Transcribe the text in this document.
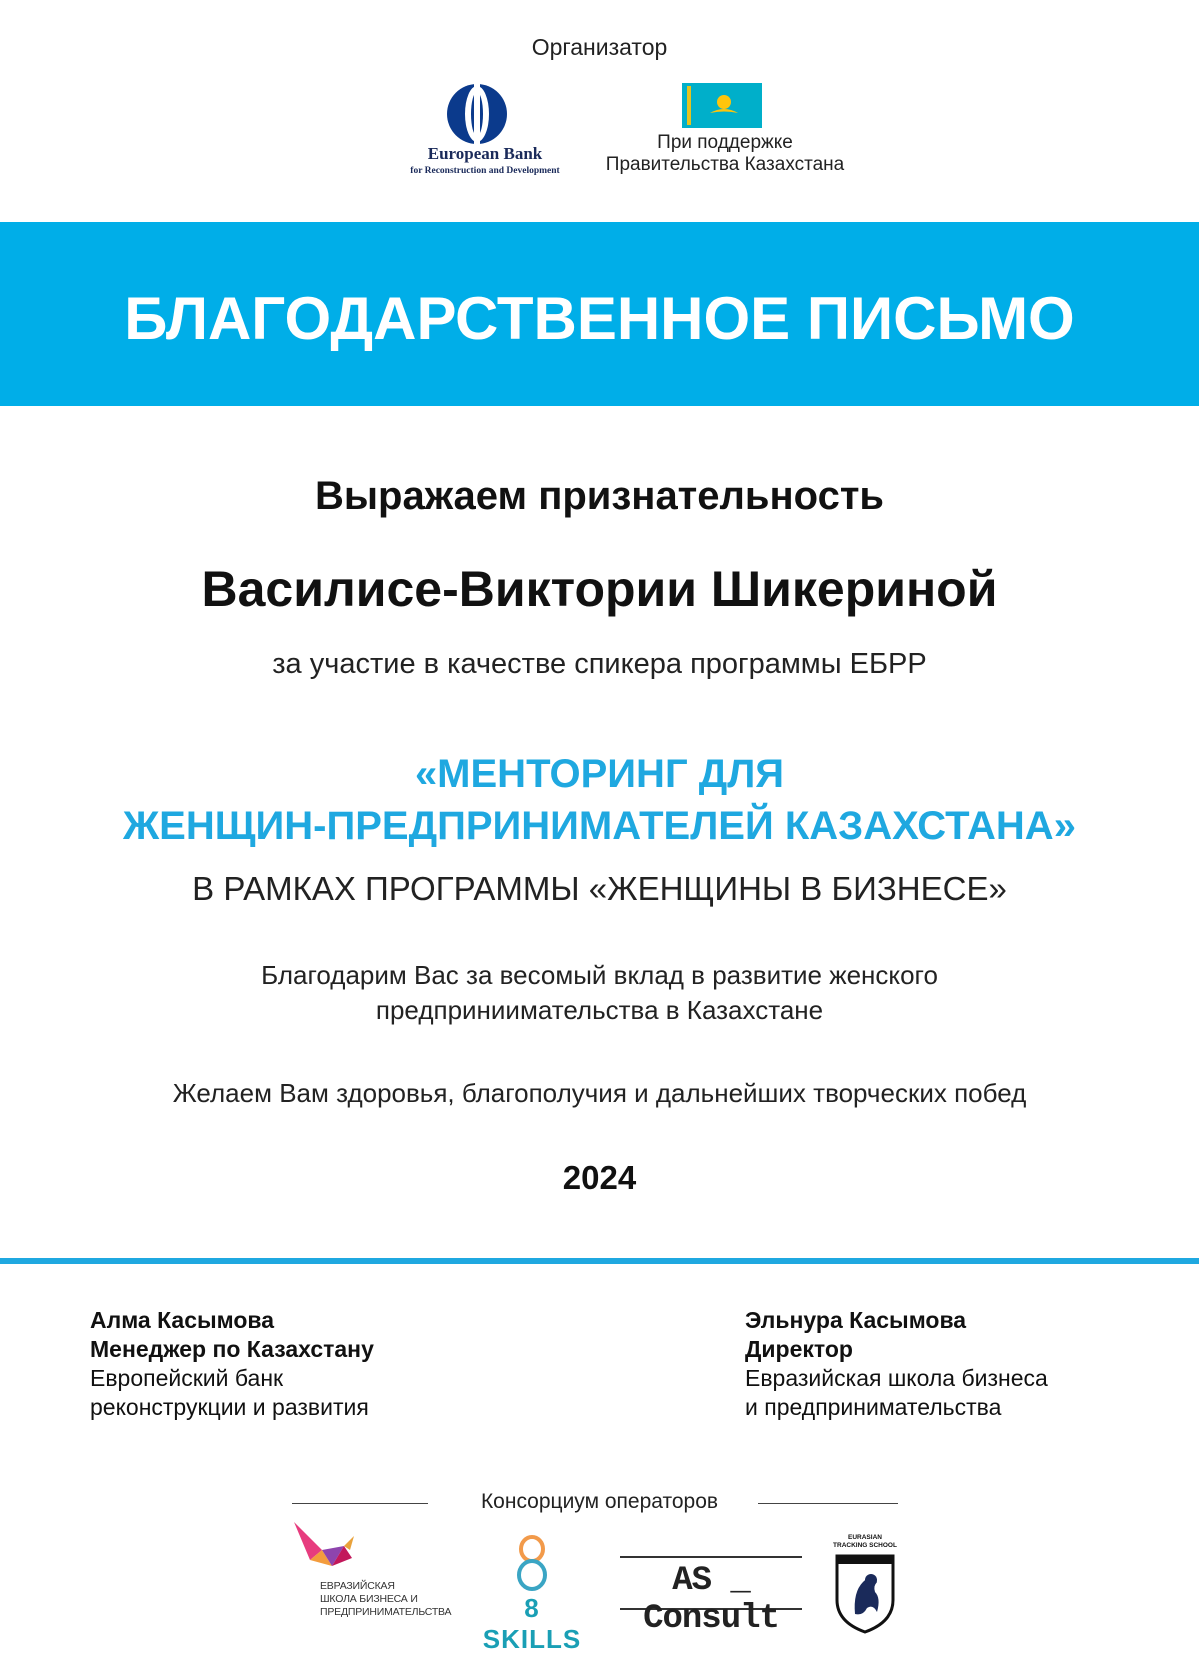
Организатор
European Bank
for Reconstruction and Development
При поддержке
Правительства Казахстана
БЛАГОДАРСТВЕННОЕ ПИСЬМО
Выражаем признательность
Василисе-Виктории Шикериной
за участие в качестве спикера программы ЕБРР
«МЕНТОРИНГ ДЛЯ
ЖЕНЩИН-ПРЕДПРИНИМАТЕЛЕЙ КАЗАХСТАНА»
В РАМКАХ ПРОГРАММЫ «ЖЕНЩИНЫ В БИЗНЕСЕ»
Благодарим Вас за весомый вклад в развитие женского
предприниимательства в Казахстане
Желаем Вам здоровья, благополучия и дальнейших творческих побед
2024
Алма Касымова
Менеджер по Казахстану
Европейский банк
реконструкции и развития
Эльнура Касымова
Директор
Евразийская школа бизнеса
и предпринимательства
Консорциум операторов
ЕВРАЗИЙСКАЯ
ШКОЛА БИЗНЕСА И
ПРЕДПРИНИМАТЕЛЬСТВА	8 SKILLS
AS _ Consult
EURASIAN
TRACKING SCHOOL
